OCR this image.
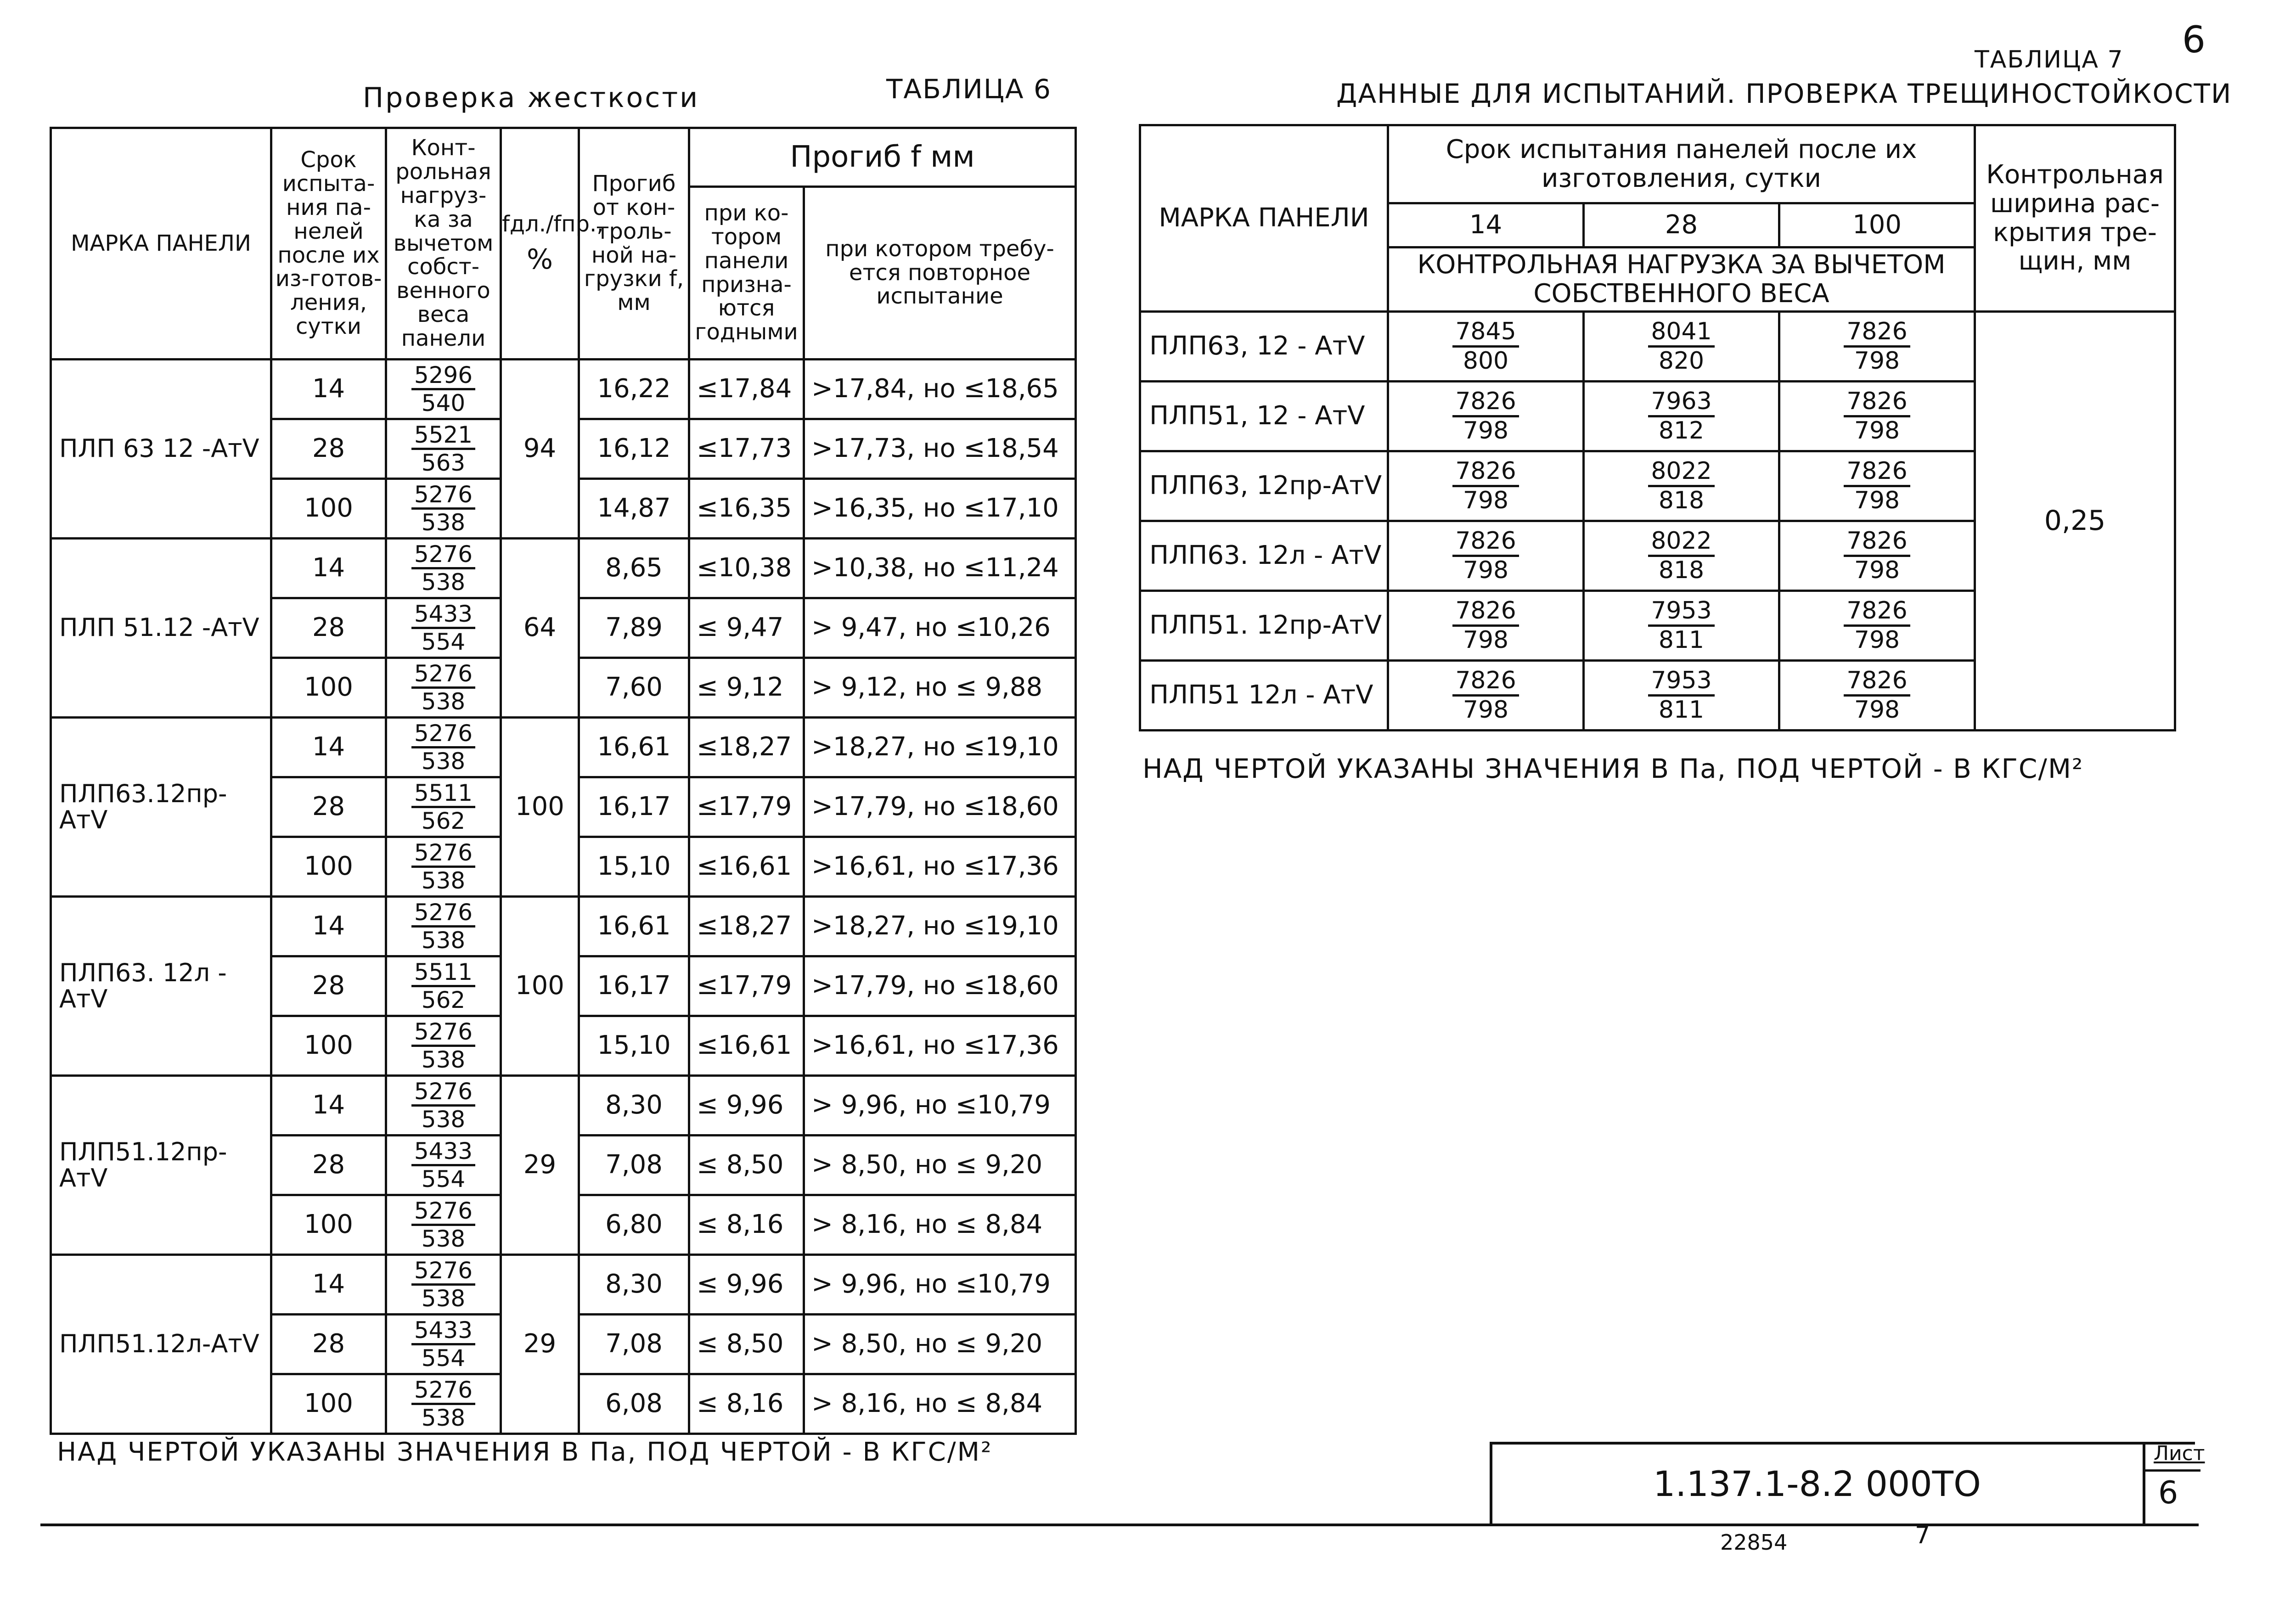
6
Проверка жесткости	ТАБЛИЦА 6
МАРКА ПАНЕЛИ	Срок испыта-ния па-нелей после их из-готов-ления, сутки	Конт-рольная нагруз-ка за вычетом собст-венного веса панели	fдл./fпр.,
%	Прогиб от кон-троль-ной на-грузки f, мм	Прогиб f мм	
					при ко-тором панели призна-ются годными	при котором требу-ется повторное испытание
ПЛП 63 12 -AтV	14	$\frac{5296}{540}$	94	16,22	≤17,84	>17,84, но ≤18,65
	28	$\frac{5521}{563}$		16,12	≤17,73	>17,73, но ≤18,54
	100	$\frac{5276}{538}$		14,87	≤16,35	>16,35, но ≤17,10
ПЛП 51.12 -AтV	14	$\frac{5276}{538}$	64	8,65	≤10,38	>10,38, но ≤11,24
	28	$\frac{5433}{554}$		7,89	≤ 9,47	> 9,47, но ≤10,26
	100	$\frac{5276}{538}$		7,60	≤ 9,12	> 9,12, но ≤ 9,88
ПЛП63.12пр-AтV	14	$\frac{5276}{538}$	100	16,61	≤18,27	>18,27, но ≤19,10
	28	$\frac{5511}{562}$		16,17	≤17,79	>17,79, но ≤18,60
	100	$\frac{5276}{538}$		15,10	≤16,61	>16,61, но ≤17,36
ПЛП63. 12л -AтV	14	$\frac{5276}{538}$	100	16,61	≤18,27	>18,27, но ≤19,10
	28	$\frac{5511}{562}$		16,17	≤17,79	>17,79, но ≤18,60
	100	$\frac{5276}{538}$		15,10	≤16,61	>16,61, но ≤17,36
ПЛП51.12пр-AтV	14	$\frac{5276}{538}$	29	8,30	≤ 9,96	> 9,96, но ≤10,79
	28	$\frac{5433}{554}$		7,08	≤ 8,50	> 8,50, но ≤ 9,20
	100	$\frac{5276}{538}$		6,80	≤ 8,16	> 8,16, но ≤ 8,84
ПЛП51.12л-AтV	14	$\frac{5276}{538}$	29	8,30	≤ 9,96	> 9,96, но ≤10,79
	28	$\frac{5433}{554}$		7,08	≤ 8,50	> 8,50, но ≤ 9,20
	100	$\frac{5276}{538}$		6,08	≤ 8,16	> 8,16, но ≤ 8,84
НАД ЧЕРТОЙ УКАЗАНЫ ЗНАЧЕНИЯ В Па, ПОД ЧЕРТОЙ - В КГС/М²
ТАБЛИЦА 7
ДАННЫЕ ДЛЯ ИСПЫТАНИЙ. ПРОВЕРКА ТРЕЩИНОСТОЙКОСТИ
МАРКА ПАНЕЛИ	Срок испытания панелей после их изготовления, сутки			Контрольная ширина рас-крытия тре-щин, мм
	14	28	100	
	КОНТРОЛЬНАЯ НАГРУЗКА ЗА ВЫЧЕТОМ СОБСТВЕННОГО ВЕСА			
ПЛП63, 12 - AтV	$\frac{7845}{800}$	$\frac{8041}{820}$	$\frac{7826}{798}$	0,25
ПЛП51, 12 - AтV	$\frac{7826}{798}$	$\frac{7963}{812}$	$\frac{7826}{798}$

ПЛП63, 12пр-AтV	$\frac{7826}{798}$	$\frac{8022}{818}$	$\frac{7826}{798}$

ПЛП63. 12л - AтV	$\frac{7826}{798}$	$\frac{8022}{818}$	$\frac{7826}{798}$

ПЛП51. 12пр-AтV	$\frac{7826}{798}$	$\frac{7953}{811}$	$\frac{7826}{798}$

ПЛП51 12л - AтV	$\frac{7826}{798}$	$\frac{7953}{811}$	$\frac{7826}{798}$
НАД ЧЕРТОЙ УКАЗАНЫ ЗНАЧЕНИЯ В Па, ПОД ЧЕРТОЙ - В КГС/М²
1.137.1-8.2 000ТО
Лист
6
22854	7
